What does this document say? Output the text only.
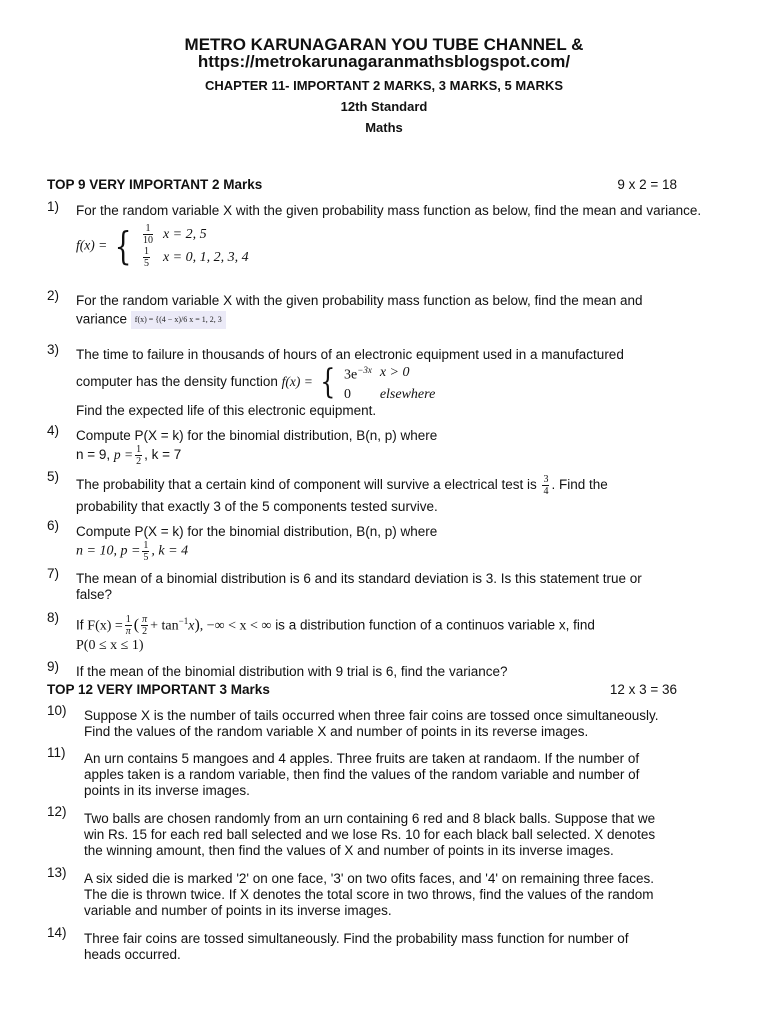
METRO KARUNAGARAN YOU TUBE CHANNEL &
https://metrokarunagaranmathsblogspot.com/
CHAPTER 11- IMPORTANT 2 MARKS, 3 MARKS, 5 MARKS
12th Standard
Maths
TOP 9 VERY IMPORTANT 2 Marks	9 x 2 = 18
1) For the random variable X with the given probability mass function as below, find the mean and variance.
f(x) = { $\frac{1}{10}$	x = 2, 5

$\frac{1}{5}$	x = 0, 1, 2, 3, 4
2) For the random variable X with the given probability mass function as below, find the mean and
variance f(x) = {(4 − x)/6 x = 1, 2, 3
3) The time to failure in thousands of hours of an electronic equipment used in a manufactured
computer has the density function f(x) = { $3e^{-3x}$	x > 0
0	elsewhere
Find the expected life of this electronic equipment.
4) Compute P(X = k) for the binomial distribution, B(n, p) where
n = 9, $p = \frac{1}{2}$ , k = 7
5)
The probability that a certain kind of component will survive a electrical test is $\frac{3}{4}$ . Find the
probability that exactly 3 of the 5 components tested survive.
6) Compute P(X = k) for the binomial distribution, B(n, p) where
n = 10, $p = \frac{1}{5}$ , k = 4
7) The mean of a binomial distribution is 6 and its standard deviation is 3. Is this statement true or
false?
8) If $F(x) = \frac{1}{\pi}$ ( $\frac{\pi}{2} + \tan^{-1}x$), −∞ < x < ∞ is a distribution function of a continuos variable x, find
P(0 ≤ x ≤ 1)
9) If the mean of the binomial distribution with 9 trial is 6, find the variance?
TOP 12 VERY IMPORTANT 3 Marks	12 x 3 = 36
10) Suppose X is the number of tails occurred when three fair coins are tossed once simultaneously.
Find the values of the random variable X and number of points in its reverse images.
11) An urn contains 5 mangoes and 4 apples. Three fruits are taken at randaom. If the number of
apples taken is a random variable, then find the values of the random variable and number of
points in its inverse images.
12) Two balls are chosen randomly from an urn containing 6 red and 8 black balls. Suppose that we
win Rs. 15 for each red ball selected and we lose Rs. 10 for each black ball selected. X denotes
the winning amount, then find the values of X and number of points in its inverse images.
13) A six sided die is marked '2' on one face, '3' on two ofits faces, and '4' on remaining three faces.
The die is thrown twice. If X denotes the total score in two throws, find the values of the random
variable and number of points in its inverse images.
14) Three fair coins are tossed simultaneously. Find the probability mass function for number of
heads occurred.
